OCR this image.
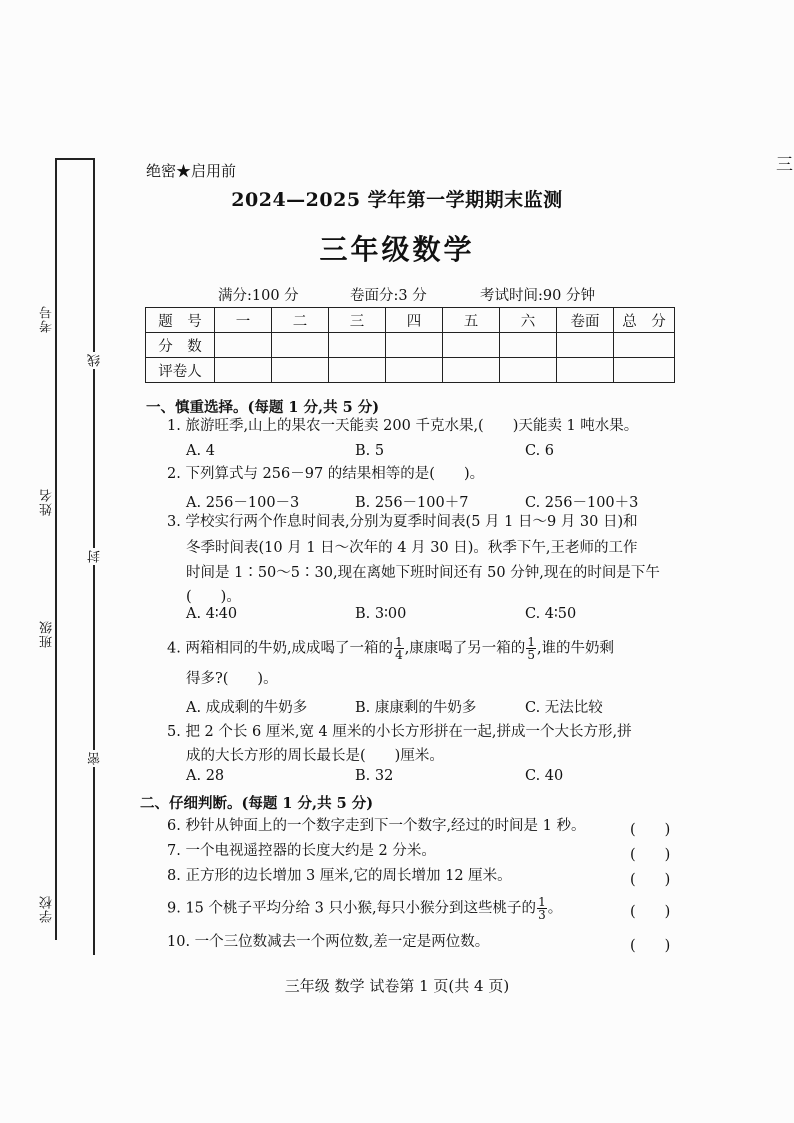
考号
姓名
班级
学校
线
封
密
三
绝密★启用前
2024—2025 学年第一学期期末监测
三年级数学
满分:100 分	卷面分:3 分	考试时间:90 分钟
题　号	一	二	三	四	五	六	卷面	总　分
分　数								
评卷人								
一、慎重选择。(每题 1 分,共 5 分)
1. 旅游旺季,山上的果农一天能卖 200 千克水果,(　　)天能卖 1 吨水果。
A. 4	B. 5	C. 6
2. 下列算式与 256－97 的结果相等的是(　　)。
A. 256－100－3	B. 256－100＋7	C. 256－100＋3
3. 学校实行两个作息时间表,分别为夏季时间表(5 月 1 日～9 月 30 日)和
冬季时间表(10 月 1 日～次年的 4 月 30 日)。秋季下午,王老师的工作
时间是 1∶50～5∶30,现在离她下班时间还有 50 分钟,现在的时间是下午
(　　)。
A. 4∶40	B. 3∶00	C. 4∶50
4. 两箱相同的牛奶,成成喝了一箱的 $\frac{1}{4}$ ,康康喝了另一箱的 $\frac{1}{5}$ ,谁的牛奶剩
得多?(　　)。
A. 成成剩的牛奶多	B. 康康剩的牛奶多	C. 无法比较
5. 把 2 个长 6 厘米,宽 4 厘米的小长方形拼在一起,拼成一个大长方形,拼
成的大长方形的周长最长是(　　)厘米。
A. 28	B. 32	C. 40
二、仔细判断。(每题 1 分,共 5 分)
6. 秒针从钟面上的一个数字走到下一个数字,经过的时间是 1 秒。	(　　)
7. 一个电视遥控器的长度大约是 2 分米。	(　　)
8. 正方形的边长增加 3 厘米,它的周长增加 12 厘米。	(　　)
9. 15 个桃子平均分给 3 只小猴,每只小猴分到这些桃子的 $\frac{1}{3}$ 。	(　　)
10. 一个三位数减去一个两位数,差一定是两位数。	(　　)
三年级 数学 试卷第 1 页(共 4 页)
